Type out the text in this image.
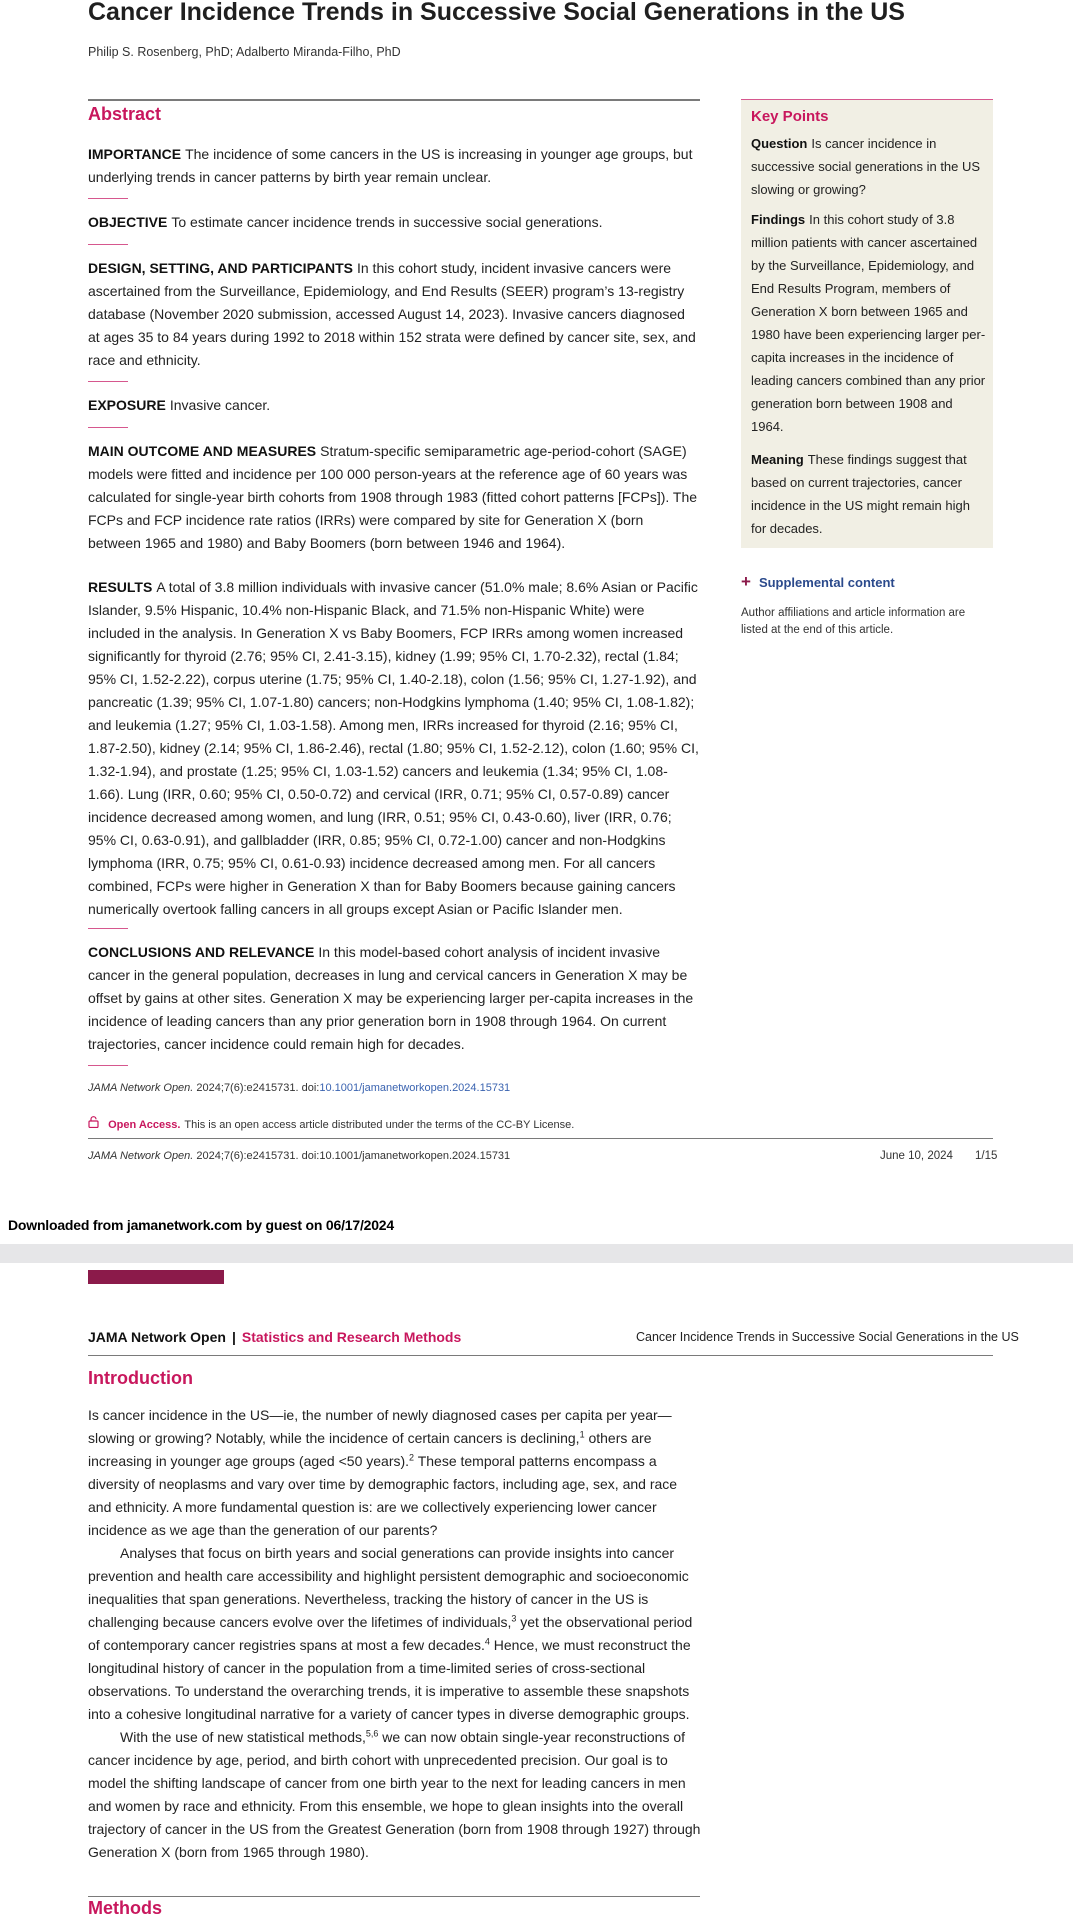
Cancer Incidence Trends in Successive Social Generations in the US
Philip S. Rosenberg, PhD; Adalberto Miranda-Filho, PhD
Abstract

IMPORTANCE The incidence of some cancers in the US is increasing in younger age groups, but underlying trends in cancer patterns by birth year remain unclear.

OBJECTIVE To estimate cancer incidence trends in successive social generations.

DESIGN, SETTING, AND PARTICIPANTS In this cohort study, incident invasive cancers were ascertained from the Surveillance, Epidemiology, and End Results (SEER) program’s 13-registry database (November 2020 submission, accessed August 14, 2023). Invasive cancers diagnosed at ages 35 to 84 years during 1992 to 2018 within 152 strata were defined by cancer site, sex, and race and ethnicity.

EXPOSURE Invasive cancer.

MAIN OUTCOME AND MEASURES Stratum-specific semiparametric age-period-cohort (SAGE) models were fitted and incidence per 100 000 person-years at the reference age of 60 years was calculated for single-year birth cohorts from 1908 through 1983 (fitted cohort patterns [FCPs]). The FCPs and FCP incidence rate ratios (IRRs) were compared by site for Generation X (born between 1965 and 1980) and Baby Boomers (born between 1946 and 1964).

RESULTS A total of 3.8 million individuals with invasive cancer (51.0% male; 8.6% Asian or Pacific Islander, 9.5% Hispanic, 10.4% non-Hispanic Black, and 71.5% non-Hispanic White) were included in the analysis. In Generation X vs Baby Boomers, FCP IRRs among women increased significantly for thyroid (2.76; 95% CI, 2.41-3.15), kidney (1.99; 95% CI, 1.70-2.32), rectal (1.84; 95% CI, 1.52-2.22), corpus uterine (1.75; 95% CI, 1.40-2.18), colon (1.56; 95% CI, 1.27-1.92), and pancreatic (1.39; 95% CI, 1.07-1.80) cancers; non-Hodgkins lymphoma (1.40; 95% CI, 1.08-1.82); and leukemia (1.27; 95% CI, 1.03-1.58). Among men, IRRs increased for thyroid (2.16; 95% CI, 1.87-2.50), kidney (2.14; 95% CI, 1.86-2.46), rectal (1.80; 95% CI, 1.52-2.12), colon (1.60; 95% CI, 1.32-1.94), and prostate (1.25; 95% CI, 1.03-1.52) cancers and leukemia (1.34; 95% CI, 1.08-1.66). Lung (IRR, 0.60; 95% CI, 0.50-0.72) and cervical (IRR, 0.71; 95% CI, 0.57-0.89) cancer incidence decreased among women, and lung (IRR, 0.51; 95% CI, 0.43-0.60), liver (IRR, 0.76; 95% CI, 0.63-0.91), and gallbladder (IRR, 0.85; 95% CI, 0.72-1.00) cancer and non-Hodgkins lymphoma (IRR, 0.75; 95% CI, 0.61-0.93) incidence decreased among men. For all cancers combined, FCPs were higher in Generation X than for Baby Boomers because gaining cancers numerically overtook falling cancers in all groups except Asian or Pacific Islander men.

CONCLUSIONS AND RELEVANCE In this model-based cohort analysis of incident invasive cancer in the general population, decreases in lung and cervical cancers in Generation X may be offset by gains at other sites. Generation X may be experiencing larger per-capita increases in the incidence of leading cancers than any prior generation born in 1908 through 1964. On current trajectories, cancer incidence could remain high for decades.

JAMA Network Open. 2024;7(6):e2415731. doi:10.1001/jamanetworkopen.2024.15731
Open Access. This is an open access article distributed under the terms of the CC-BY License.
JAMA Network Open. 2024;7(6):e2415731. doi:10.1001/jamanetworkopen.2024.15731	June 10, 2024 1/15
Downloaded from jamanetwork.com by guest on 06/17/2024
Key Points

Question Is cancer incidence in successive social generations in the US slowing or growing?

Findings In this cohort study of 3.8 million patients with cancer ascertained by the Surveillance, Epidemiology, and End Results Program, members of Generation X born between 1965 and 1980 have been experiencing larger per-capita increases in the incidence of leading cancers combined than any prior generation born between 1908 and 1964.

Meaning These findings suggest that based on current trajectories, cancer incidence in the US might remain high for decades.

+ Supplemental content
Author affiliations and article information are listed at the end of this article.
JAMA Network Open | Statistics and Research Methods	Cancer Incidence Trends in Successive Social Generations in the US
Introduction

Is cancer incidence in the US—ie, the number of newly diagnosed cases per capita per year—slowing or growing? Notably, while the incidence of certain cancers is declining,$^1$ others are increasing in younger age groups (aged <50 years).$^2$ These temporal patterns encompass a diversity of neoplasms and vary over time by demographic factors, including age, sex, and race and ethnicity. A more fundamental question is: are we collectively experiencing lower cancer incidence as we age than the generation of our parents?

Analyses that focus on birth years and social generations can provide insights into cancer prevention and health care accessibility and highlight persistent demographic and socioeconomic inequalities that span generations. Nevertheless, tracking the history of cancer in the US is challenging because cancers evolve over the lifetimes of individuals,$^3$ yet the observational period of contemporary cancer registries spans at most a few decades.$^4$ Hence, we must reconstruct the longitudinal history of cancer in the population from a time-limited series of cross-sectional observations. To understand the overarching trends, it is imperative to assemble these snapshots into a cohesive longitudinal narrative for a variety of cancer types in diverse demographic groups.

With the use of new statistical methods,$^{5,6}$ we can now obtain single-year reconstructions of cancer incidence by age, period, and birth cohort with unprecedented precision. Our goal is to model the shifting landscape of cancer from one birth year to the next for leading cancers in men and women by race and ethnicity. From this ensemble, we hope to glean insights into the overall trajectory of cancer in the US from the Greatest Generation (born from 1908 through 1927) through Generation X (born from 1965 through 1980).

Methods
